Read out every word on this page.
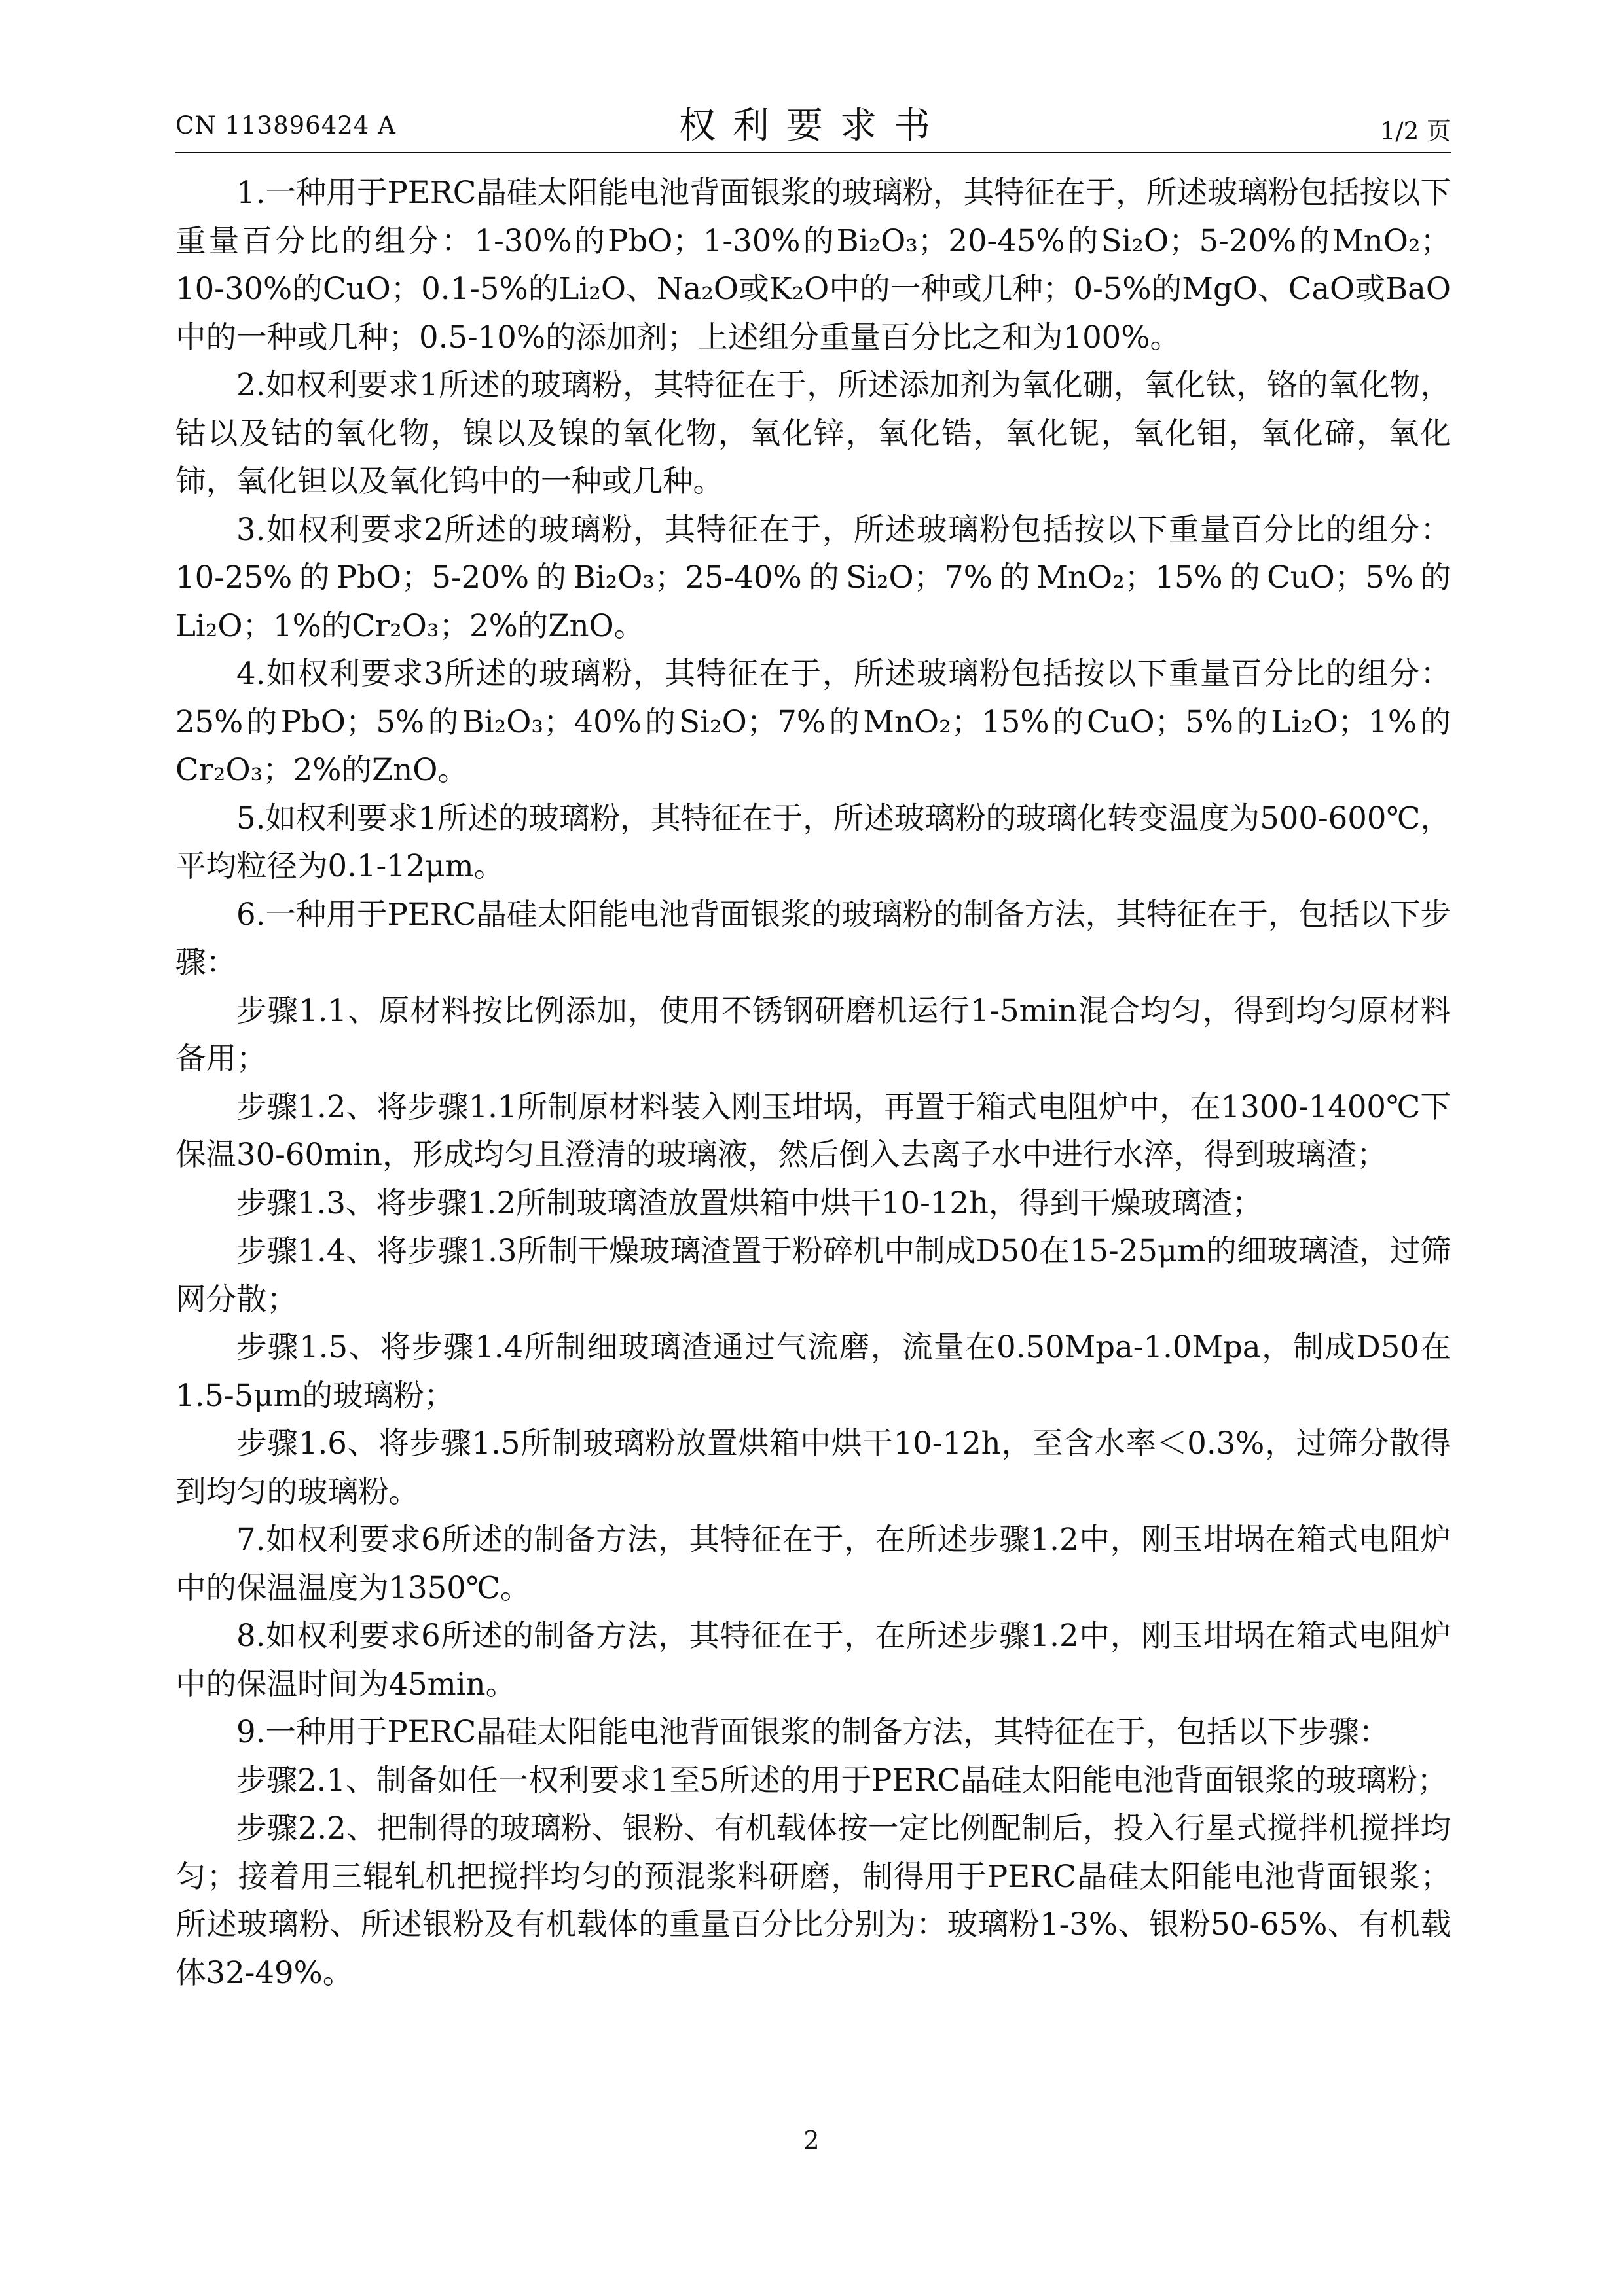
CN 113896424 A	权利要求书	1/2 页

1.一种用于PERC晶硅太阳能电池背面银浆的玻璃粉，其特征在于，所述玻璃粉包括按以下重量百分比的组分：1-30%的PbO；1-30%的Bi₂O₃；20-45%的Si₂O；5-20%的MnO₂；10-30%的CuO；0.1-5%的Li₂O、Na₂O或K₂O中的一种或几种；0-5%的MgO、CaO或BaO中的一种或几种；0.5-10%的添加剂；上述组分重量百分比之和为100%。

2.如权利要求1所述的玻璃粉，其特征在于，所述添加剂为氧化硼，氧化钛，铬的氧化物，钴以及钴的氧化物，镍以及镍的氧化物，氧化锌，氧化锆，氧化铌，氧化钼，氧化碲，氧化铈，氧化钽以及氧化钨中的一种或几种。

3.如权利要求2所述的玻璃粉，其特征在于，所述玻璃粉包括按以下重量百分比的组分：10-25%的PbO；5-20%的Bi₂O₃；25-40%的Si₂O；7%的MnO₂；15%的CuO；5%的Li₂O；1%的Cr₂O₃；2%的ZnO。

4.如权利要求3所述的玻璃粉，其特征在于，所述玻璃粉包括按以下重量百分比的组分：25%的PbO；5%的Bi₂O₃；40%的Si₂O；7%的MnO₂；15%的CuO；5%的Li₂O；1%的Cr₂O₃；2%的ZnO。

5.如权利要求1所述的玻璃粉，其特征在于，所述玻璃粉的玻璃化转变温度为500-600℃，平均粒径为0.1-12μm。

6.一种用于PERC晶硅太阳能电池背面银浆的玻璃粉的制备方法，其特征在于，包括以下步骤：

步骤1.1、原材料按比例添加，使用不锈钢研磨机运行1-5min混合均匀，得到均匀原材料备用；

步骤1.2、将步骤1.1所制原材料装入刚玉坩埚，再置于箱式电阻炉中，在1300-1400℃下保温30-60min，形成均匀且澄清的玻璃液，然后倒入去离子水中进行水淬，得到玻璃渣；

步骤1.3、将步骤1.2所制玻璃渣放置烘箱中烘干10-12h，得到干燥玻璃渣；

步骤1.4、将步骤1.3所制干燥玻璃渣置于粉碎机中制成D50在15-25μm的细玻璃渣，过筛网分散；

步骤1.5、将步骤1.4所制细玻璃渣通过气流磨，流量在0.50Mpa-1.0Mpa，制成D50在1.5-5μm的玻璃粉；

步骤1.6、将步骤1.5所制玻璃粉放置烘箱中烘干10-12h，至含水率＜0.3%，过筛分散得到均匀的玻璃粉。

7.如权利要求6所述的制备方法，其特征在于，在所述步骤1.2中，刚玉坩埚在箱式电阻炉中的保温温度为1350℃。

8.如权利要求6所述的制备方法，其特征在于，在所述步骤1.2中，刚玉坩埚在箱式电阻炉中的保温时间为45min。

9.一种用于PERC晶硅太阳能电池背面银浆的制备方法，其特征在于，包括以下步骤：

步骤2.1、制备如任一权利要求1至5所述的用于PERC晶硅太阳能电池背面银浆的玻璃粉；

步骤2.2、把制得的玻璃粉、银粉、有机载体按一定比例配制后，投入行星式搅拌机搅拌均匀；接着用三辊轧机把搅拌均匀的预混浆料研磨，制得用于PERC晶硅太阳能电池背面银浆；所述玻璃粉、所述银粉及有机载体的重量百分比分别为：玻璃粉1-3%、银粉50-65%、有机载体32-49%。

2
